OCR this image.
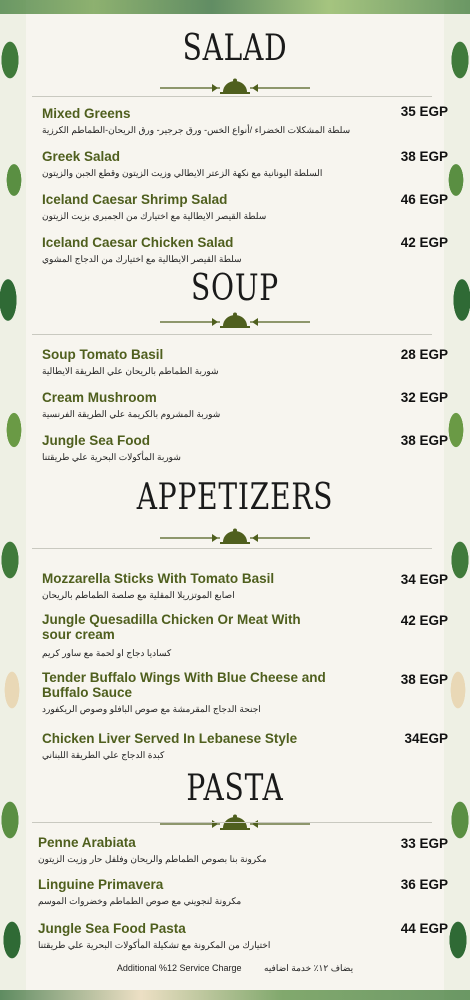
SALAD
Mixed Greens	35 EGP
سلطة المشكلات الخضراء /أنواع الخس- ورق جرجير- ورق الريحان-الطماطم الكرزية
Greek Salad	38 EGP
السلطة اليونانية مع نكهة الزعتر الايطالي وزيت الزيتون وقطع الجبن والزيتون
Iceland Caesar Shrimp Salad	46 EGP
سلطة القيصر الايطالية مع اختيارك من الجمبري بزيت الزيتون
Iceland Caesar Chicken Salad	42 EGP
سلطة القيصر الايطالية مع اختيارك من الدجاج المشوي
SOUP
Soup Tomato Basil	28 EGP
شوربة الطماطم بالريحان علي الطريقة الايطالية
Cream Mushroom	32 EGP
شوربة المشروم بالكريمة علي الطريقة الفرنسية
Jungle Sea Food	38 EGP
شوربة المأكولات البحرية علي طريقتنا
APPETIZERS
Mozzarella Sticks With Tomato Basil	34 EGP
اصابع الموتزريلا المقلية مع صلصة الطماطم بالريحان
Jungle Quesadilla Chicken Or Meat With sour cream
42 EGP
كساديا دجاج او لحمة مع ساور كريم
Tender Buffalo Wings With Blue Cheese and Buffalo Sauce
38 EGP
اجنحة الدجاج المقرمشة مع صوص البافلو وصوص الريكفورد
Chicken Liver Served In Lebanese Style	34EGP
كبدة الدجاج علي الطريقة اللبناني
PASTA
Penne Arabiata	33 EGP
مكرونة بنا بصوص الطماطم والريحان وفلفل حار وزيت الزيتون
Linguine Primavera	36 EGP
مكرونة لنجويني مع صوص الطماطم وخضروات الموسم
Jungle Sea Food Pasta	44 EGP
اختيارك من المكرونة مع تشكيلة المأكولات البحرية علي طريقتنا
Additional %12 Service Charge	يضاف ١٢٪ خدمة اضافيه
